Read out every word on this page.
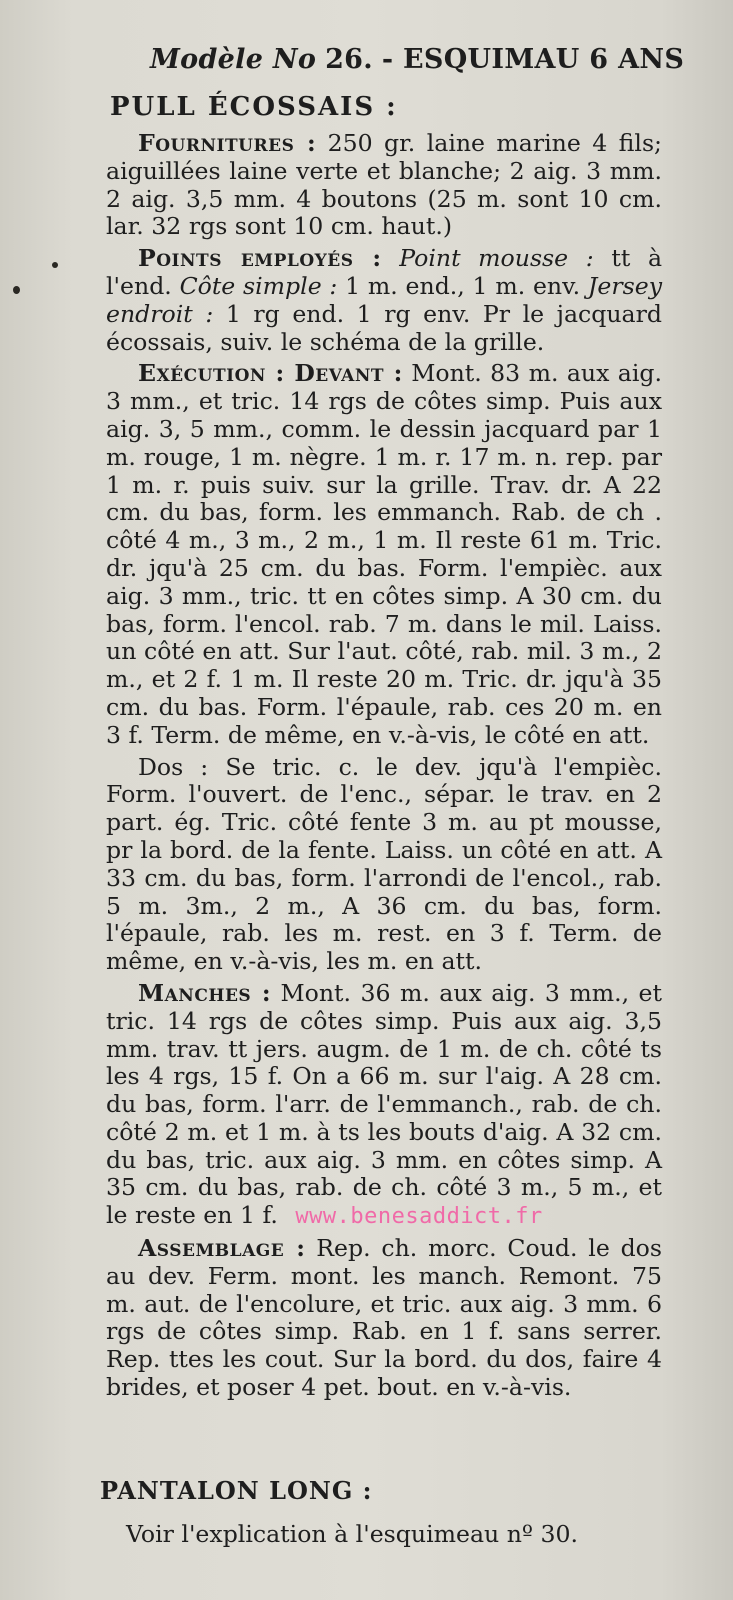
Modèle No 26. - ESQUIMAU 6 ANS
PULL ÉCOSSAIS :

Fournitures : 250 gr. laine marine 4 fils; aiguillées laine verte et blanche; 2 aig. 3 mm. 2 aig. 3,5 mm. 4 boutons (25 m. sont 10 cm. lar. 32 rgs sont 10 cm. haut.)

Points employés : Point mousse : tt à l'end. Côte simple : 1 m. end., 1 m. env. Jersey endroit : 1 rg end. 1 rg env. Pr le jacquard écossais, suiv. le schéma de la grille.

Exécution : Devant : Mont. 83 m. aux aig. 3 mm., et tric. 14 rgs de côtes simp. Puis aux aig. 3, 5 mm., comm. le dessin jacquard par 1 m. rouge, 1 m. nègre. 1 m. r. 17 m. n. rep. par 1 m. r. puis suiv. sur la grille. Trav. dr. A 22 cm. du bas, form. les emmanch. Rab. de ch . côté 4 m., 3 m., 2 m., 1 m. Il reste 61 m. Tric. dr. jqu'à 25 cm. du bas. Form. l'empièc. aux aig. 3 mm., tric. tt en côtes simp. A 30 cm. du bas, form. l'encol. rab. 7 m. dans le mil. Laiss. un côté en att. Sur l'aut. côté, rab. mil. 3 m., 2 m., et 2 f. 1 m. Il reste 20 m. Tric. dr. jqu'à 35 cm. du bas. Form. l'épaule, rab. ces 20 m. en 3 f. Term. de même, en v.-à-vis, le côté en att.

Dos : Se tric. c. le dev. jqu'à l'empièc. Form. l'ouvert. de l'enc., sépar. le trav. en 2 part. ég. Tric. côté fente 3 m. au pt mousse, pr la bord. de la fente. Laiss. un côté en att. A 33 cm. du bas, form. l'arrondi de l'encol., rab. 5 m. 3m., 2 m., A 36 cm. du bas, form. l'épaule, rab. les m. rest. en 3 f. Term. de même, en v.-à-vis, les m. en att.

Manches : Mont. 36 m. aux aig. 3 mm., et tric. 14 rgs de côtes simp. Puis aux aig. 3,5 mm. trav. tt jers. augm. de 1 m. de ch. côté ts les 4 rgs, 15 f. On a 66 m. sur l'aig. A 28 cm. du bas, form. l'arr. de l'emmanch., rab. de ch. côté 2 m. et 1 m. à ts les bouts d'aig. A 32 cm. du bas, tric. aux aig. 3 mm. en côtes simp. A 35 cm. du bas, rab. de ch. côté 3 m., 5 m., et le reste en 1 f. www.benesaddict.fr

Assemblage : Rep. ch. morc. Coud. le dos au dev. Ferm. mont. les manch. Remont. 75 m. aut. de l'encolure, et tric. aux aig. 3 mm. 6 rgs de côtes simp. Rab. en 1 f. sans serrer. Rep. ttes les cout. Sur la bord. du dos, faire 4 brides, et poser 4 pet. bout. en v.-à-vis.

PANTALON LONG :
Voir l'explication à l'esquimeau nº 30.
